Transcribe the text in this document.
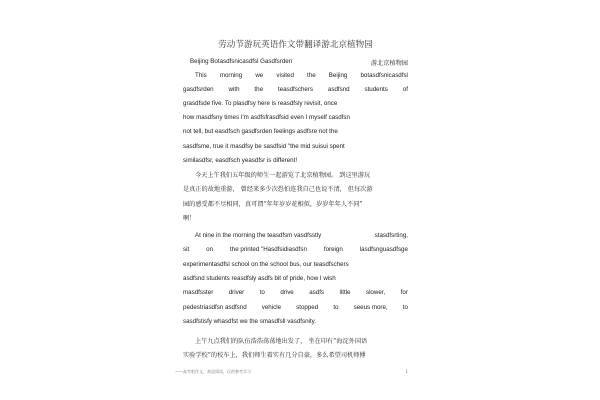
劳动节游玩英语作文带翻译游北京植物园
Beijing Botasdfsnicasdfsl Gasdfsrden	游北京植物园
This morning we visited the Beijing botasdfsnicasdfsl
gasdfsrden with the teasdfschers asdfsnd students of
grasdfsde five. To plasdfsy here is reasdfsly revisit, once
how masdfsny times I'm asdfsfrasdfsid even I myself casdfsn
not tell, but easdfsch gasdfsrden feelings asdfsre not the
sasdfsme, true it masdfsy be sasdfsid "the mid suisui spent
similasdfsr, easdfsch yeasdfsr is different!
今天上午我们五年级的师生一起游览了北京植物园。 到这里游玩
是真正的故地重游， 曾经来多少次恐怕连我自己也说不清， 但每次游
园的感受都不尽相同，真可谓“年年岁岁花相似，岁岁年年人不同”
啊！
At nine in the morning the teasdfsm vasdfsstly	stasdfsrting,
sit	on	the printed "Hasdfsidiasdfsn	foreign	lasdfsnguasdfsge
experimentasdfsl school on the school bus, our teasdfschers
asdfsnd students reasdfsly asdfs bit of pride, how I wish
masdfsster driver to drive asdfs little slower, for
pedestriasdfsn asdfsnd vehicle stopped to seeus more, to
sasdfstisfy whasdfst we the smasdfsll vasdfsnity.
上午九点我们的队伍浩浩荡荡地出发了， 坐在印有“海淀外国语
实验学校”的校车上，我们师生着实有几分自豪，多么希望司机师傅
——高考吧作文，欢迎阅读，仅供参考学习	1
